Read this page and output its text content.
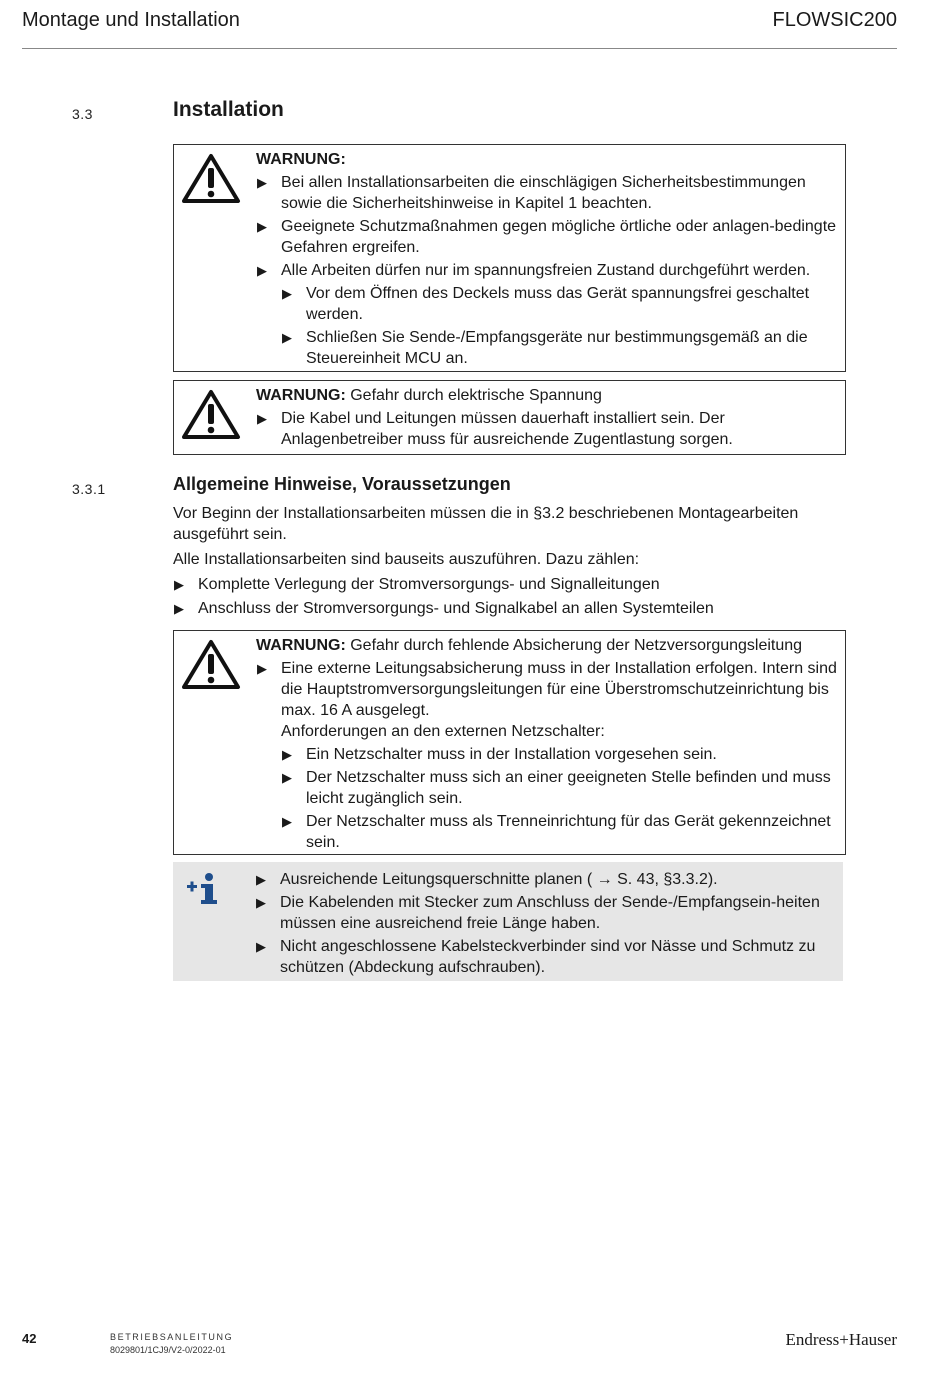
Montage und Installation	FLOWSIC200
3.3	Installation
WARNUNG:
▶ Bei allen Installationsarbeiten die einschlägigen Sicherheitsbestimmungen sowie die Sicherheitshinweise in Kapitel 1 beachten.
▶ Geeignete Schutzmaßnahmen gegen mögliche örtliche oder anlagen-bedingte Gefahren ergreifen.
▶ Alle Arbeiten dürfen nur im spannungsfreien Zustand durchgeführt werden.
▶ Vor dem Öffnen des Deckels muss das Gerät spannungsfrei geschaltet werden.
▶ Schließen Sie Sende-/Empfangsgeräte nur bestimmungsgemäß an die Steuereinheit MCU an.
WARNUNG: Gefahr durch elektrische Spannung
▶ Die Kabel und Leitungen müssen dauerhaft installiert sein. Der Anlagenbetreiber muss für ausreichende Zugentlastung sorgen.
3.3.1	Allgemeine Hinweise, Voraussetzungen
Vor Beginn der Installationsarbeiten müssen die in §3.2 beschriebenen Montagearbeiten ausgeführt sein.
Alle Installationsarbeiten sind bauseits auszuführen. Dazu zählen:
▶ Komplette Verlegung der Stromversorgungs- und Signalleitungen
▶ Anschluss der Stromversorgungs- und Signalkabel an allen Systemteilen
WARNUNG: Gefahr durch fehlende Absicherung der Netzversorgungsleitung
▶ Eine externe Leitungsabsicherung muss in der Installation erfolgen. Intern sind die Hauptstromversorgungsleitungen für eine Überstromschutzeinrichtung bis max. 16 A ausgelegt.
Anforderungen an den externen Netzschalter:
▶ Ein Netzschalter muss in der Installation vorgesehen sein.
▶ Der Netzschalter muss sich an einer geeigneten Stelle befinden und muss leicht zugänglich sein.
▶ Der Netzschalter muss als Trenneinrichtung für das Gerät gekennzeichnet sein.
▶ Ausreichende Leitungsquerschnitte planen ( → S. 43, §3.3.2).
▶ Die Kabelenden mit Stecker zum Anschluss der Sende-/Empfangsein-heiten müssen eine ausreichend freie Länge haben.
▶ Nicht angeschlossene Kabelsteckverbinder sind vor Nässe und Schmutz zu schützen (Abdeckung aufschrauben).
42	BETRIEBSANLEITUNG
8029801/1CJ9/V2-0/2022-01
Endress+Hauser
